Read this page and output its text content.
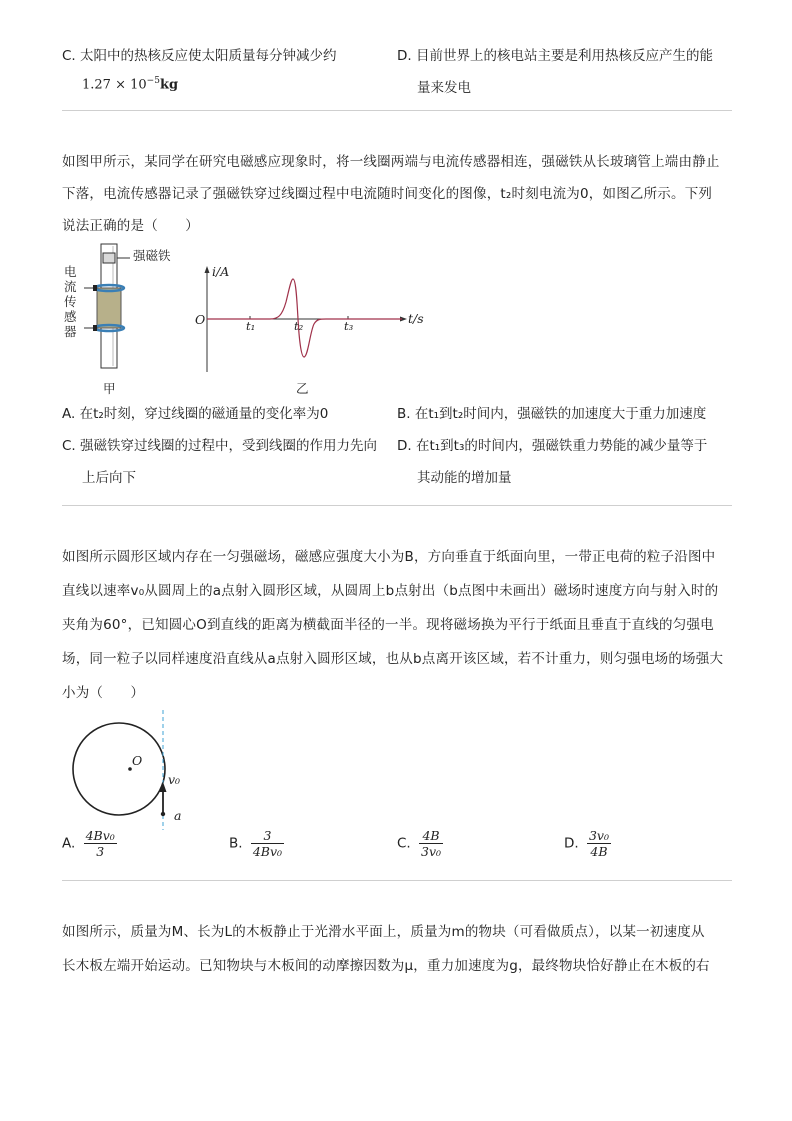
C. 太阳中的热核反应使太阳质量每分钟减少约
$1.27 \times 10^{-5}kg$
D. 目前世界上的核电站主要是利用热核反应产生的能
量来发电
如图甲所示，某同学在研究电磁感应现象时，将一线圈两端与电流传感器相连，强磁铁从长玻璃管上端由静止
下落，电流传感器记录了强磁铁穿过线圈过程中电流随时间变化的图像，t₂时刻电流为0，如图乙所示。下列
说法正确的是（　　）
强磁铁
电
流
传
感
器
甲
i/A
t/s
O	t₁	t₂	t₃
乙
A. 在t₂时刻，穿过线圈的磁通量的变化率为0	B. 在t₁到t₂时间内，强磁铁的加速度大于重力加速度
C. 强磁铁穿过线圈的过程中，受到线圈的作用力先向
上后向下
D. 在t₁到t₃的时间内，强磁铁重力势能的减少量等于
其动能的增加量
如图所示圆形区域内存在一匀强磁场，磁感应强度大小为B，方向垂直于纸面向里，一带正电荷的粒子沿图中
直线以速率v₀从圆周上的a点射入圆形区域，从圆周上b点射出（b点图中未画出）磁场时速度方向与射入时的
夹角为60°，已知圆心O到直线的距离为横截面半径的一半。现将磁场换为平行于纸面且垂直于直线的匀强电
场，同一粒子以同样速度沿直线从a点射入圆形区域，也从b点离开该区域，若不计重力，则匀强电场的场强大
小为（　　）
O
v₀
a
A. $\frac{\text{4Bv₀}}{3}$	B. $\frac{3}{\text{4Bv₀}}$	C. $\frac{4B}{\text{3v₀}}$	D. $\frac{\text{3v₀}}{4B}$
如图所示，质量为M、长为L的木板静止于光滑水平面上，质量为m的物块（可看做质点），以某一初速度从
长木板左端开始运动。已知物块与木板间的动摩擦因数为μ，重力加速度为g，最终物块恰好静止在木板的右
